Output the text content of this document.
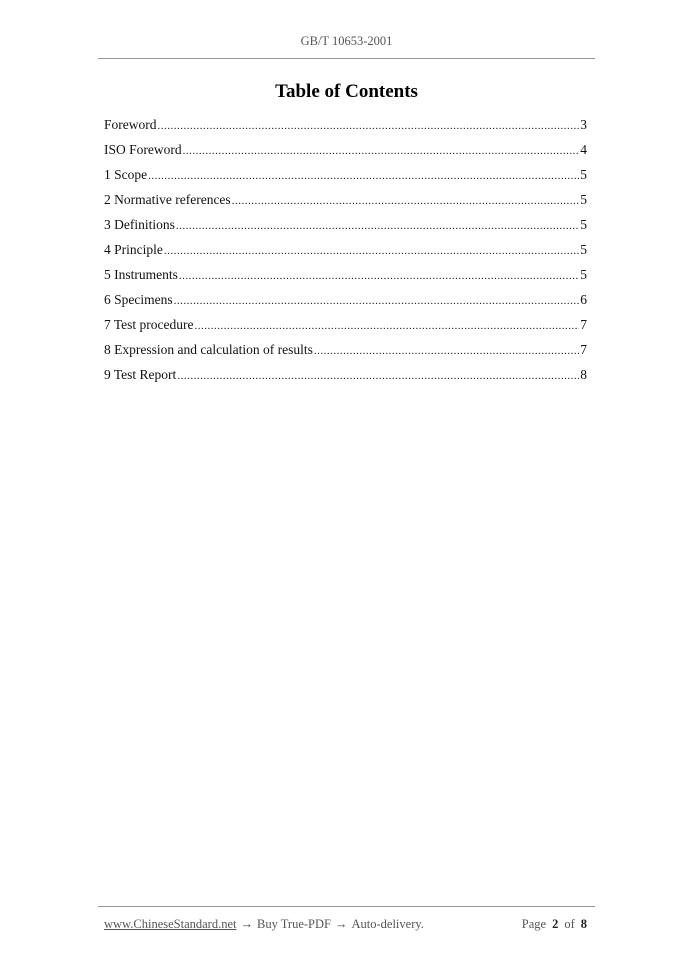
GB/T 10653-2001
Table of Contents
Foreword .....	3
ISO Foreword .....	4
1 Scope .....	5
2 Normative references .....	5
3 Definitions .....	5
4 Principle .....	5
5 Instruments .....	5
6 Specimens .....	6
7 Test procedure .....	7
8 Expression and calculation of results .....	7
9 Test Report .....	8
www.ChineseStandard.net → Buy True-PDF → Auto-delivery.	Page 2 of 8
